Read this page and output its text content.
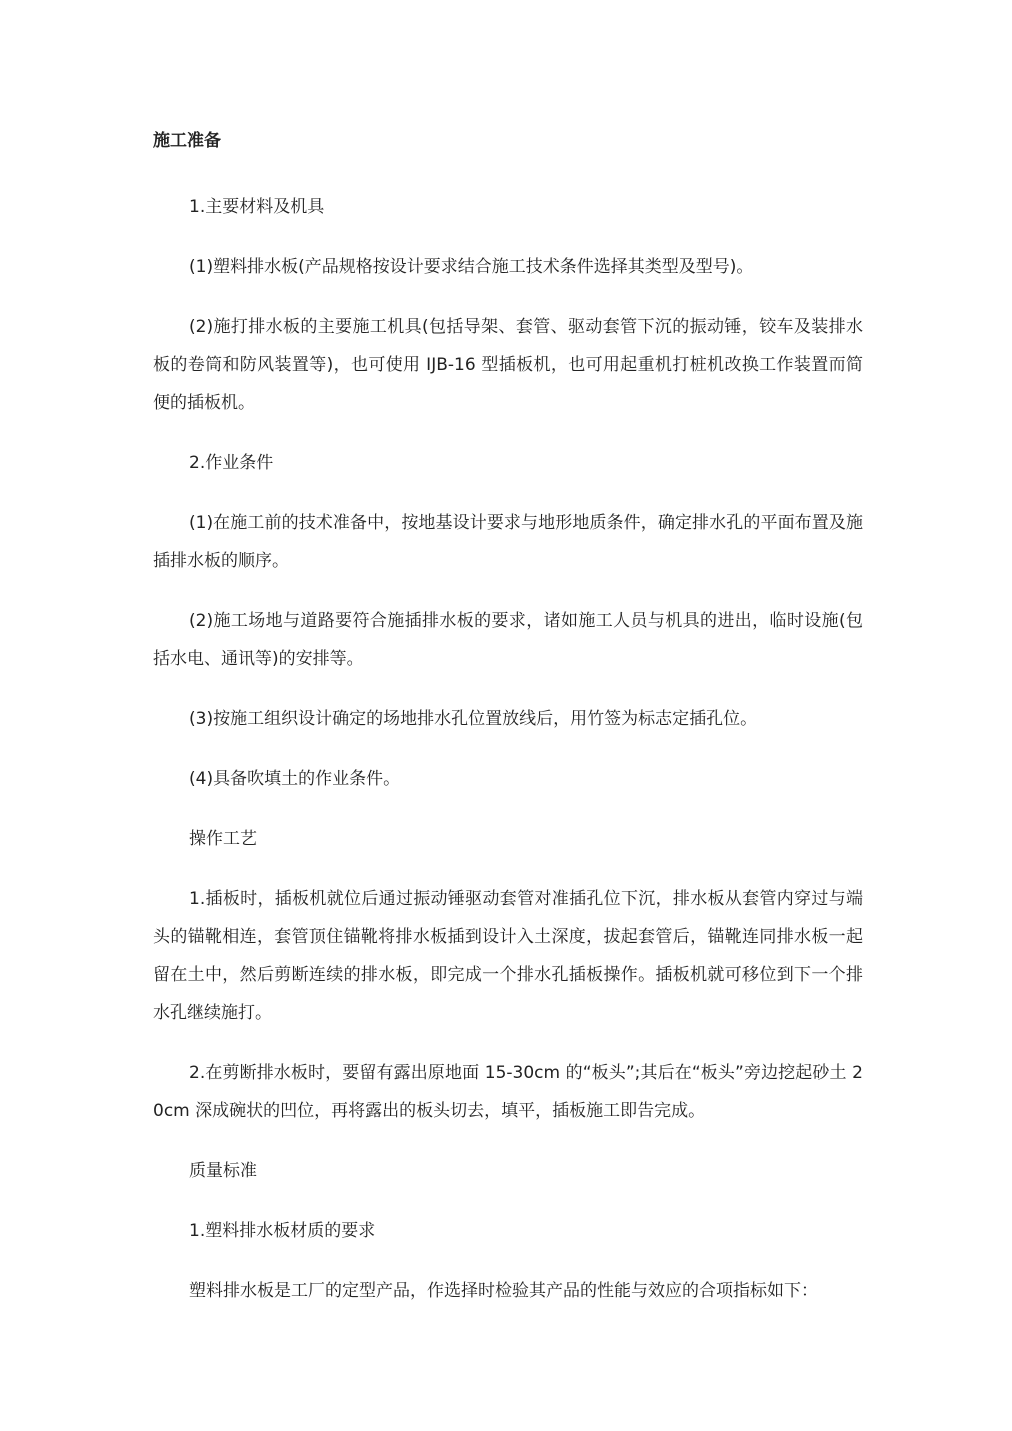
施工准备

1.主要材料及机具

(1)塑料排水板(产品规格按设计要求结合施工技术条件选择其类型及型号)。

(2)施打排水板的主要施工机具(包括导架、套管、驱动套管下沉的振动锤，铰车及装排水板的卷筒和防风装置等)，也可使用 IJB-16 型插板机，也可用起重机打桩机改换工作装置而简便的插板机。

2.作业条件

(1)在施工前的技术准备中，按地基设计要求与地形地质条件，确定排水孔的平面布置及施插排水板的顺序。

(2)施工场地与道路要符合施插排水板的要求，诸如施工人员与机具的进出，临时设施(包括水电、通讯等)的安排等。

(3)按施工组织设计确定的场地排水孔位置放线后，用竹签为标志定插孔位。

(4)具备吹填土的作业条件。

操作工艺

1.插板时，插板机就位后通过振动锤驱动套管对准插孔位下沉，排水板从套管内穿过与端头的锚靴相连，套管顶住锚靴将排水板插到设计入土深度，拔起套管后，锚靴连同排水板一起留在土中，然后剪断连续的排水板，即完成一个排水孔插板操作。插板机就可移位到下一个排水孔继续施打。

2.在剪断排水板时，要留有露出原地面 15-30cm 的“板头”;其后在“板头”旁边挖起砂土 20cm 深成碗状的凹位，再将露出的板头切去，填平，插板施工即告完成。

质量标准

1.塑料排水板材质的要求

塑料排水板是工厂的定型产品，作选择时检验其产品的性能与效应的合项指标如下：
